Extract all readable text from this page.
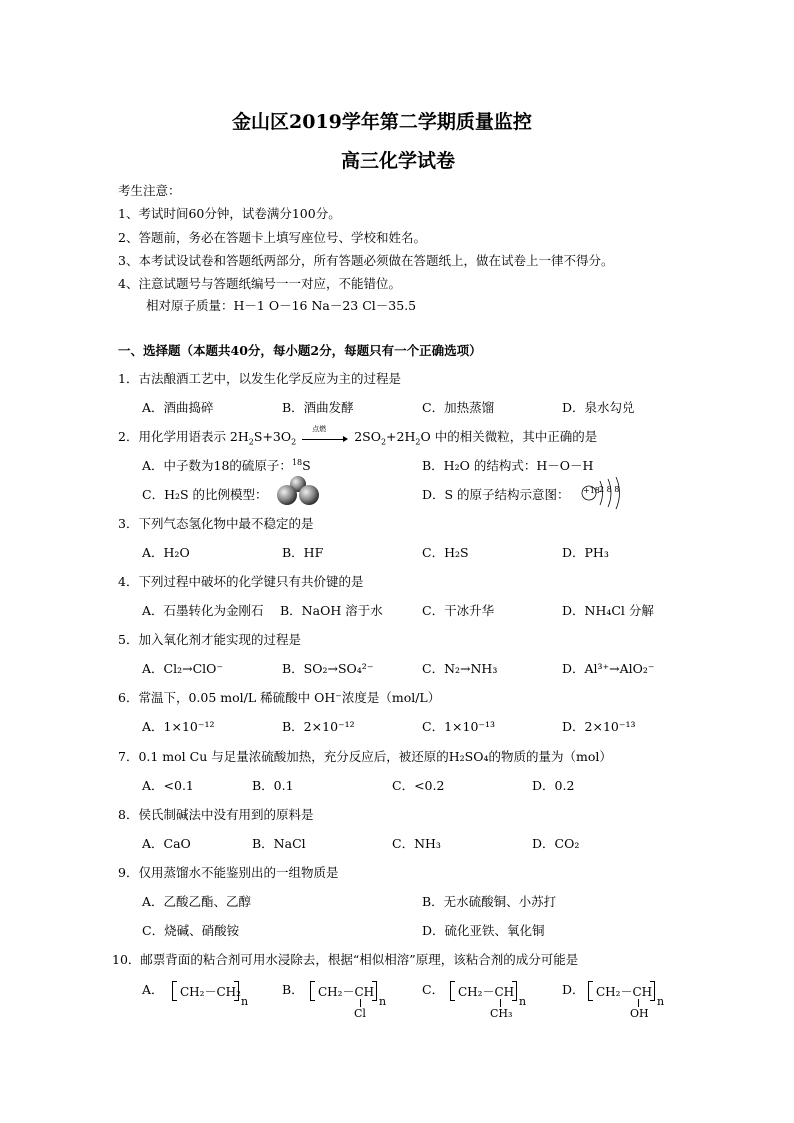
金山区2019学年第二学期质量监控
高三化学试卷
考生注意：
1、考试时间60分钟，试卷满分100分。
2、答题前，务必在答题卡上填写座位号、学校和姓名。
3、本考试设试卷和答题纸两部分，所有答题必须做在答题纸上，做在试卷上一律不得分。
4、注意试题号与答题纸编号一一对应，不能错位。
相对原子质量：H－1 O－16 Na－23 Cl－35.5
一、选择题（本题共40分，每小题2分，每题只有一个正确选项）
1．古法酿酒工艺中，以发生化学反应为主的过程是
A．酒曲捣碎	B．酒曲发酵	C．加热蒸馏	D．泉水勾兑
2．用化学用语表示 $2H_2S+3O_2$
点燃
$2SO_2+2H_2O$ 中的相关微粒，其中正确的是
A．中子数为18的硫原子：$^{18}$S	B．H₂O 的结构式：H－O－H
C．H₂S 的比例模型：	D．S 的原子结构示意图： +18 2 8 8
3．下列气态氢化物中最不稳定的是
A．H₂O	B．HF	C．H₂S	D．PH₃
4．下列过程中破坏的化学键只有共价键的是
A．石墨转化为金刚石 B．NaOH 溶于水	C．干冰升华	D．NH₄Cl 分解
5．加入氧化剂才能实现的过程是
A．Cl₂→ClO⁻	B．SO₂→SO₄²⁻	C．N₂→NH₃	D．Al³⁺→AlO₂⁻
6．常温下，0.05 mol/L 稀硫酸中 OH⁻浓度是（mol/L）
A．1×10⁻¹²	B．2×10⁻¹²	C．1×10⁻¹³	D．2×10⁻¹³
7．0.1 mol Cu 与足量浓硫酸加热，充分反应后，被还原的H₂SO₄的物质的量为（mol）
A．<0.1	B．0.1	C．<0.2	D．0.2
8．侯氏制碱法中没有用到的原料是
A．CaO	B．NaCl	C．NH₃	D．CO₂
9．仅用蒸馏水不能鉴别出的一组物质是
A．乙酸乙酯、乙醇	B．无水硫酸铜、小苏打
C．烧碱、硝酸铵	D．硫化亚铁、氧化铜
10．邮票背面的粘合剂可用水浸除去，根据“相似相溶”原理，该粘合剂的成分可能是
A． CH₂－CH₂
n
B． CH₂－CH
n
Cl
C． CH₂－CH
n
CH₃
D． CH₂－CH
n
OH
